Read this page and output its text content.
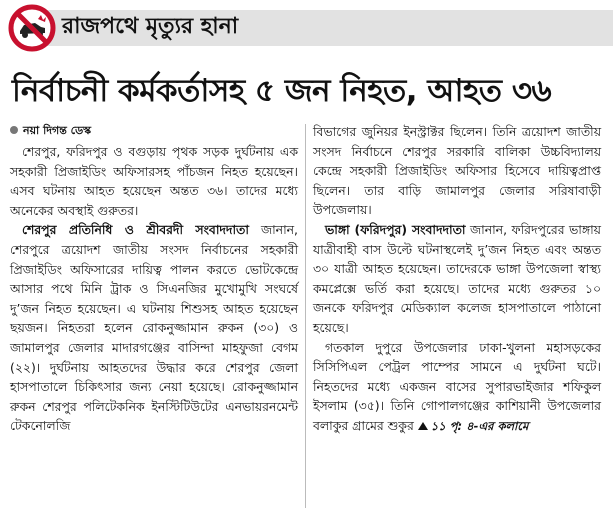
রাজপথে মৃত্যুর হানা
নির্বাচনী কর্মকর্তাসহ ৫ জন নিহত, আহত ৩৬
নয়া দিগন্ত ডেস্ক

শেরপুর, ফরিদপুর ও বগুড়ায় পৃথক সড়ক দুর্ঘটনায় এক সহকারী প্রিজাইডিং অফিসারসহ পাঁচজন নিহত হয়েছেন। এসব ঘটনায় আহত হয়েছেন অন্তত ৩৬। তাদের মধ্যে অনেকের অবস্থাই গুরুতর।

শেরপুর প্রতিনিধি ও শ্রীবরদী সংবাদদাতা জানান, শেরপুরে ত্রয়োদশ জাতীয় সংসদ নির্বাচনের সহকারী প্রিজাইডিং অফিসারের দায়িত্ব পালন করতে ভোটকেন্দ্রে আসার পথে মিনি ট্রাক ও সিএনজির মুখোমুখি সংঘর্ষে দু’জন নিহত হয়েছেন। এ ঘটনায় শিশুসহ আহত হয়েছেন ছয়জন। নিহতরা হলেন রোকনুজ্জামান রুকন (৩০) ও জামালপুর জেলার মাদারগঞ্জের বাসিন্দা মাহফুজা বেগম (২২)। দুর্ঘটনায় আহতদের উদ্ধার করে শেরপুর জেলা হাসপাতালে চিকিৎসার জন্য নেয়া হয়েছে। রোকনুজ্জামান রুকন শেরপুর পলিটেকনিক ইনস্টিটিউটের এনভায়রনমেন্ট টেকনোলজি

বিভাগের জুনিয়র ইনস্ট্রাক্টর ছিলেন। তিনি ত্রয়োদশ জাতীয় সংসদ নির্বাচনে শেরপুর সরকারি বালিকা উচ্চবিদ্যালয় কেন্দ্রে সহকারী প্রিজাইডিং অফিসার হিসেবে দায়িত্বপ্রাপ্ত ছিলেন। তার বাড়ি জামালপুর জেলার সরিষাবাড়ী উপজেলায়।

ভাঙ্গা (ফরিদপুর) সংবাদদাতা জানান, ফরিদপুরের ভাঙ্গায় যাত্রীবাহী বাস উল্টে ঘটনাস্থলেই দু’জন নিহত এবং অন্তত ৩০ যাত্রী আহত হয়েছেন। তাদেরকে ভাঙ্গা উপজেলা স্বাস্থ্য কমপ্লেক্সে ভর্তি করা হয়েছে। তাদের মধ্যে গুরুতর ১০ জনকে ফরিদপুর মেডিক্যাল কলেজ হাসপাতালে পাঠানো হয়েছে।

গতকাল দুপুরে উপজেলার ঢাকা-খুলনা মহাসড়কের সিসিপিএল পেট্রল পাম্পের সামনে এ দুর্ঘটনা ঘটে। নিহতদের মধ্যে একজন বাসের সুপারভাইজার শফিকুল ইসলাম (৩৫)। তিনি গোপালগঞ্জের কাশিয়ানী উপজেলার বলাকুর গ্রামের শুকুর ১১ পৃ: ৪-এর কলামে
